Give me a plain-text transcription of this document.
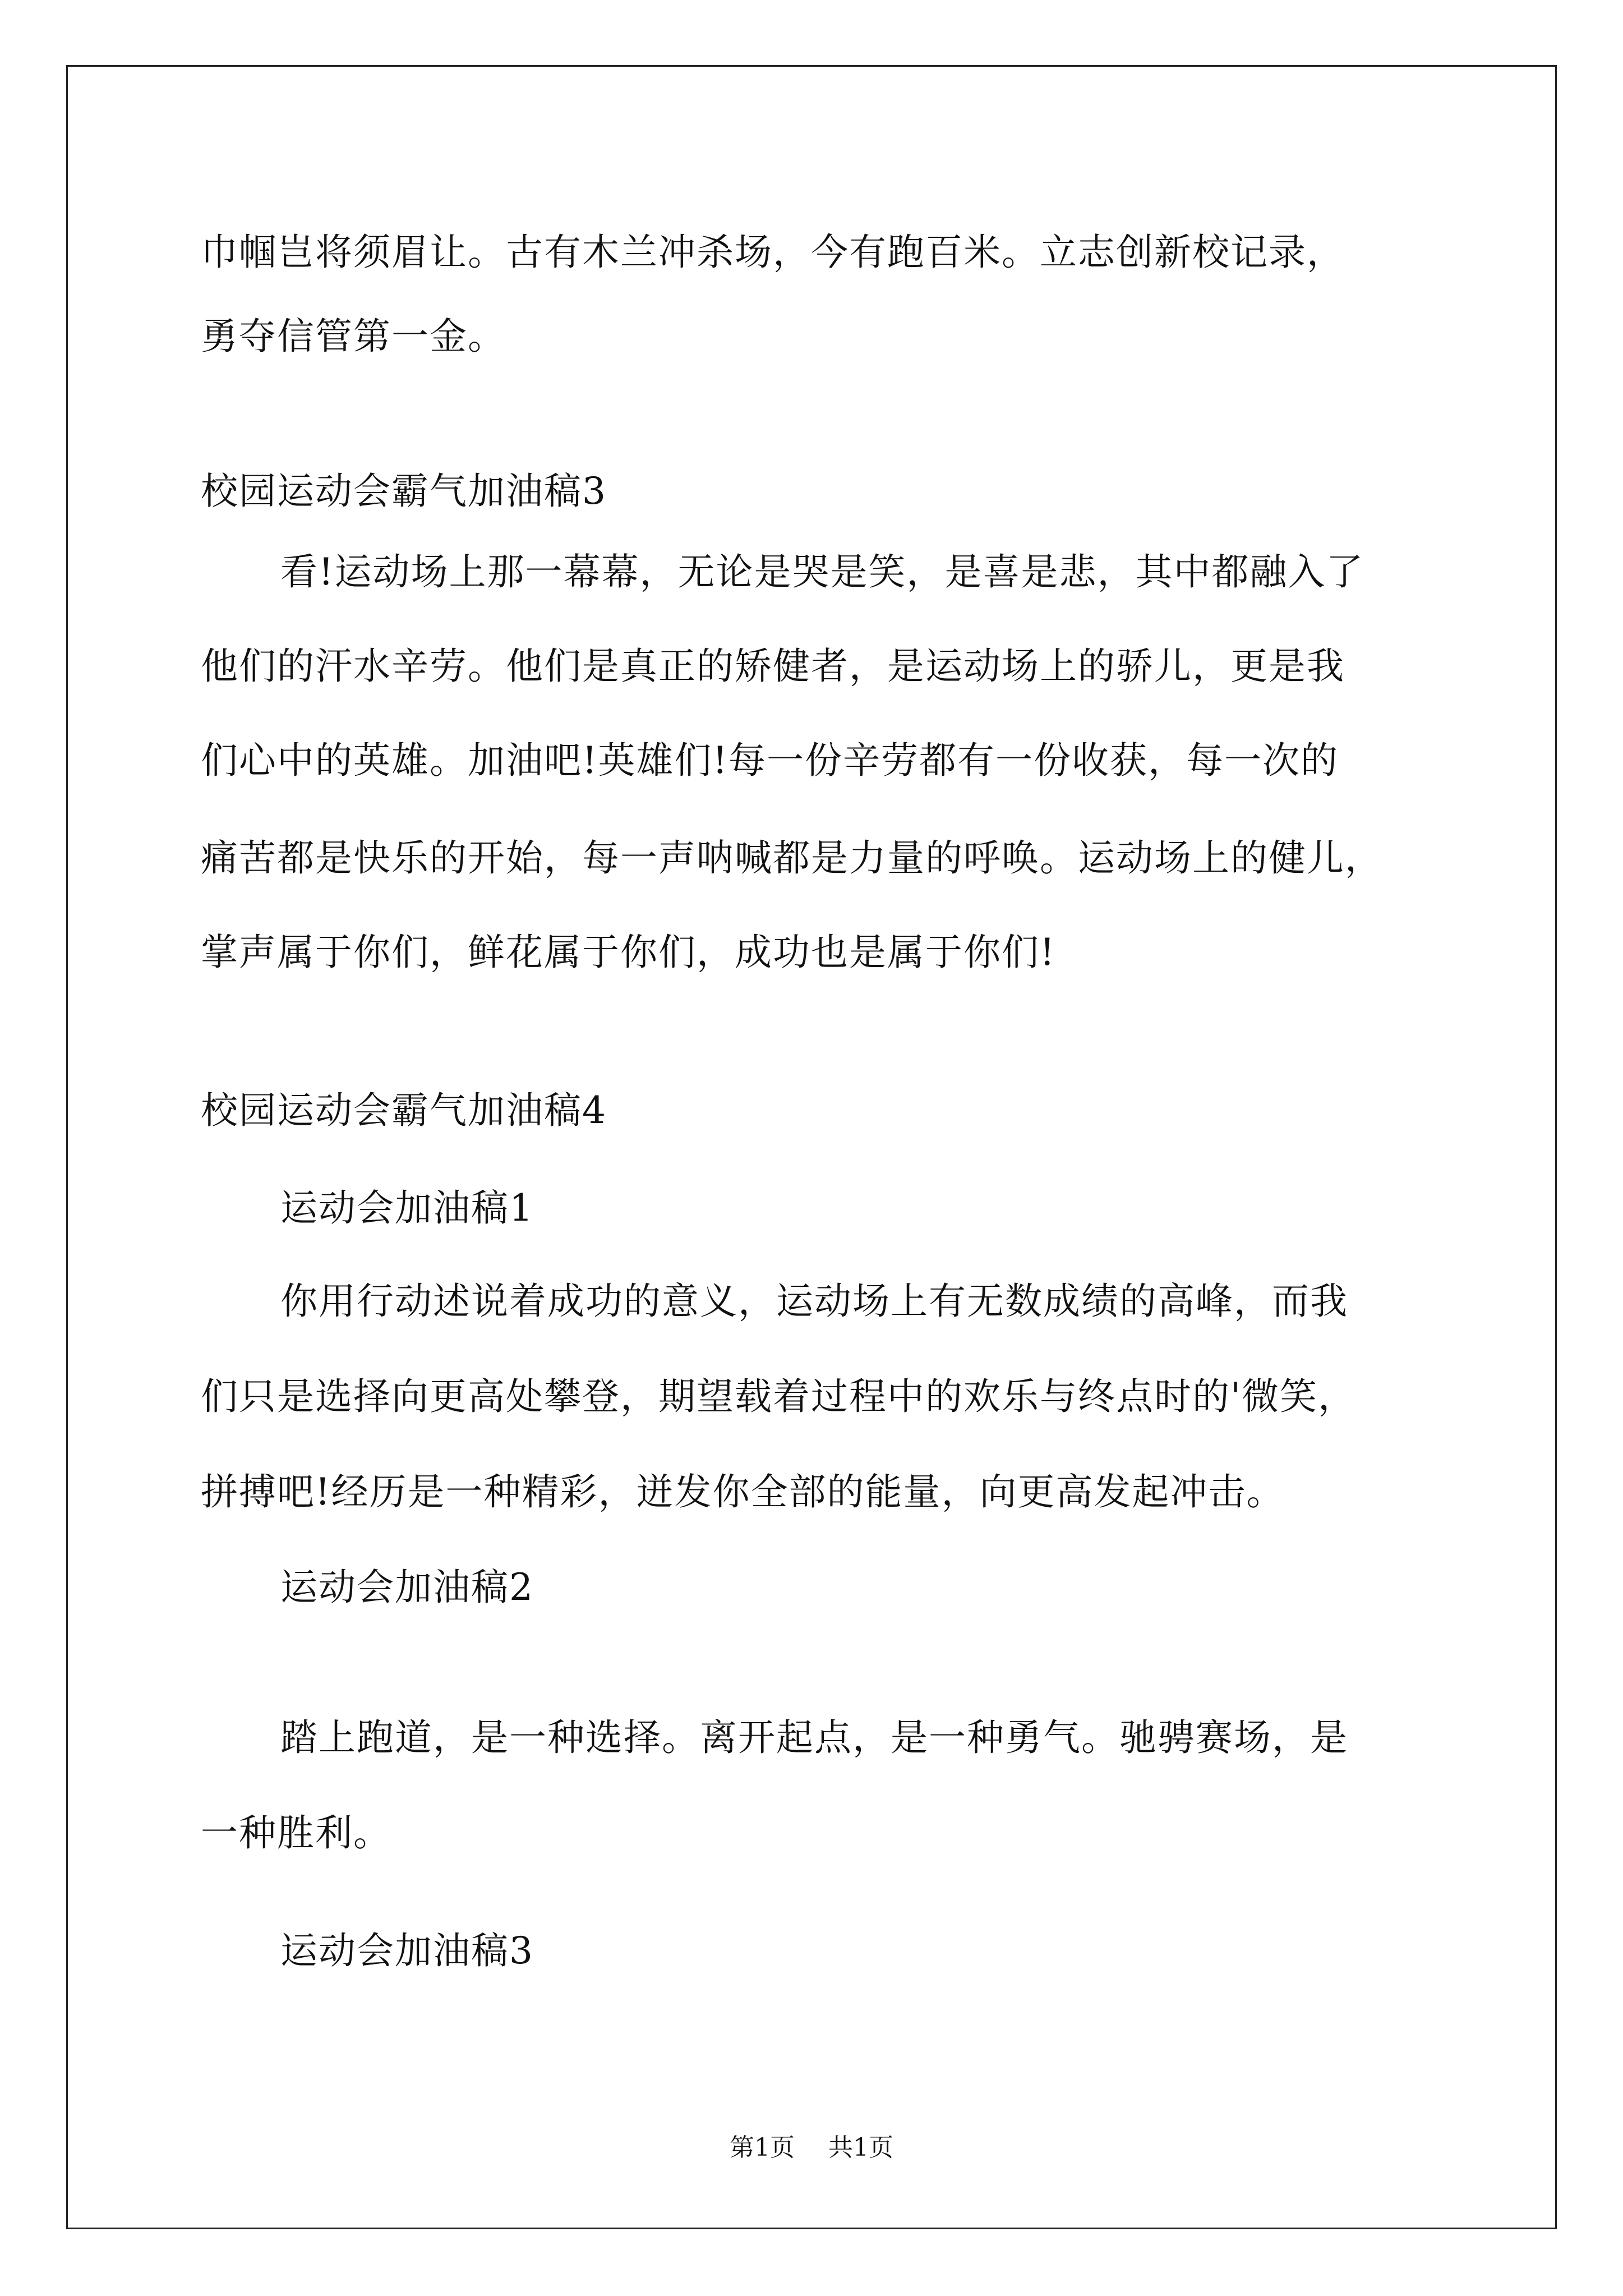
巾帼岂将须眉让。古有木兰冲杀场，今有跑百米。立志创新校记录，
勇夺信管第一金。
校园运动会霸气加油稿3
看!运动场上那一幕幕，无论是哭是笑，是喜是悲，其中都融入了
他们的汗水辛劳。他们是真正的矫健者，是运动场上的骄儿，更是我
们心中的英雄。加油吧!英雄们!每一份辛劳都有一份收获，每一次的
痛苦都是快乐的开始，每一声呐喊都是力量的呼唤。运动场上的健儿，
掌声属于你们，鲜花属于你们，成功也是属于你们!
校园运动会霸气加油稿4
运动会加油稿1
你用行动述说着成功的意义，运动场上有无数成绩的高峰，而我
们只是选择向更高处攀登，期望载着过程中的欢乐与终点时的'微笑，
拼搏吧!经历是一种精彩，迸发你全部的能量，向更高发起冲击。
运动会加油稿2
踏上跑道，是一种选择。离开起点，是一种勇气。驰骋赛场，是
一种胜利。
运动会加油稿3
第1页 共1页
